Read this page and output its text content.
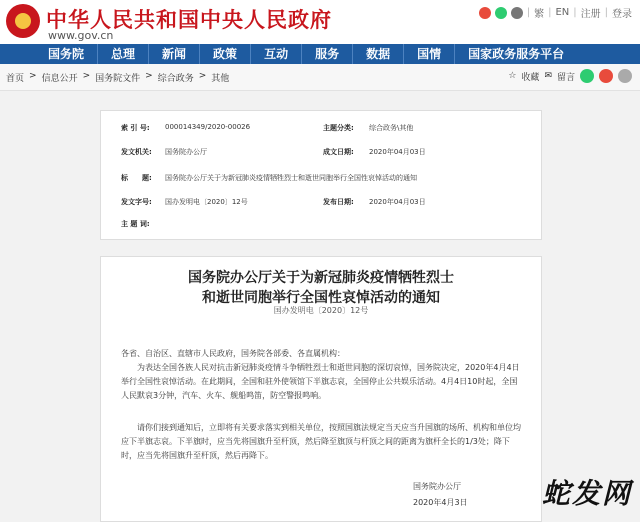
中华人民共和国中央人民政府
www.gov.cn
| 繁 | EN | 注册 | 登录
国务院	总理	新闻	政策	互动	服务	数据	国情	国家政务服务平台
首页 > 信息公开 > 国务院文件 > 综合政务 > 其他	☆ 收藏 ✉ 留言
索 引 号: 000014349/2020-00026	主题分类: 综合政务\其他
发文机关: 国务院办公厅	成文日期: 2020年04月03日
标　　题: 国务院办公厅关于为新冠肺炎疫情牺牲烈士和逝世同胞举行全国性哀悼活动的通知
发文字号: 国办发明电〔2020〕12号	发布日期: 2020年04月03日
主 题 词:
国务院办公厅关于为新冠肺炎疫情牺牲烈士
和逝世同胞举行全国性哀悼活动的通知
国办发明电〔2020〕12号
各省、自治区、直辖市人民政府，国务院各部委、各直属机构：
为表达全国各族人民对抗击新冠肺炎疫情斗争牺牲烈士和逝世同胞的深切哀悼，国务院决定，2020年4月4日举行全国性哀悼活动。在此期间，全国和驻外使领馆下半旗志哀，全国停止公共娱乐活动。4月4日10时起，全国人民默哀3分钟，汽车、火车、舰船鸣笛，防空警报鸣响。
请你们接到通知后，立即将有关要求落实到相关单位，按照国旗法规定当天应当升国旗的场所、机构和单位均应下半旗志哀。下半旗时，应当先将国旗升至杆顶，然后降至旗顶与杆顶之间的距离为旗杆全长的1/3处；降下时，应当先将国旗升至杆顶，然后再降下。
国务院办公厅
2020年4月3日	蛇发网
